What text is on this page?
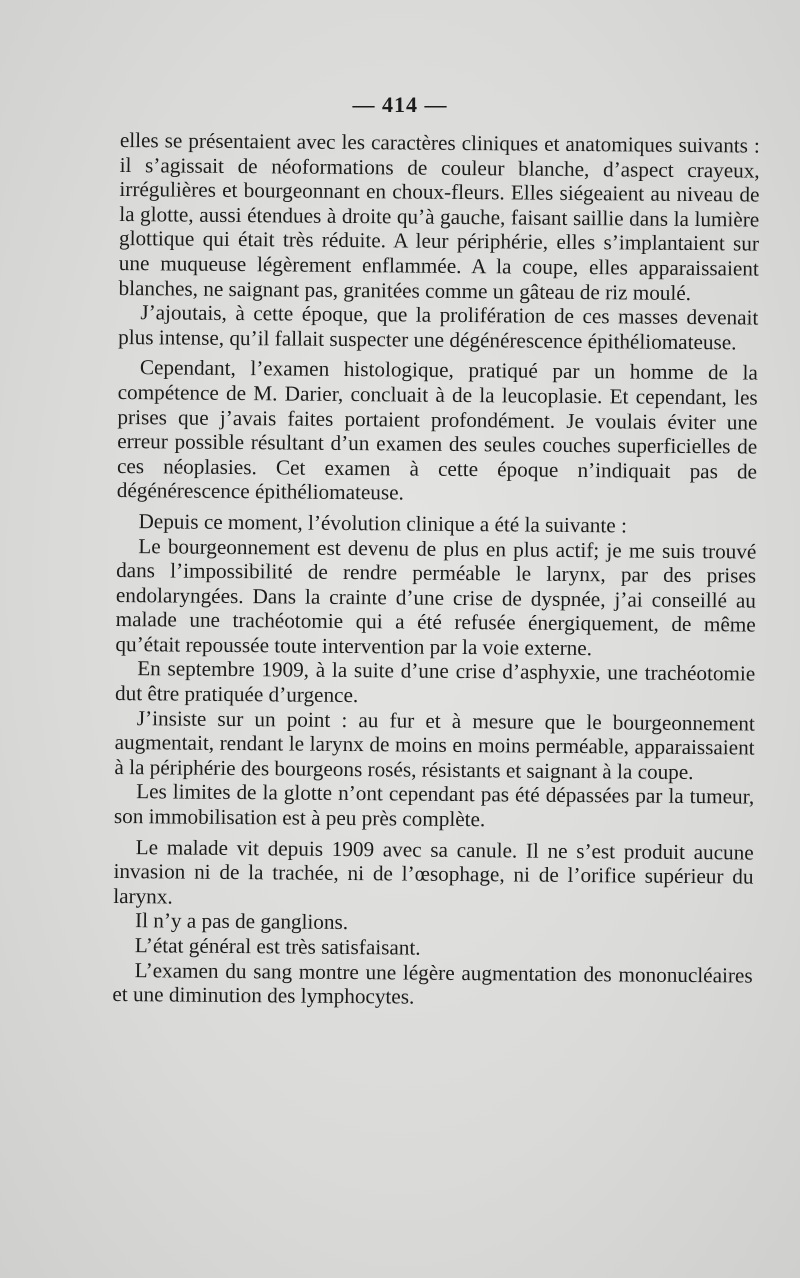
— 414 —

elles se présentaient avec les caractères cliniques et anatomiques suivants : il s’agissait de néoformations de couleur blanche, d’aspect crayeux, irrégulières et bourgeonnant en choux-fleurs. Elles siégeaient au niveau de la glotte, aussi étendues à droite qu’à gauche, faisant saillie dans la lumière glottique qui était très réduite. A leur périphérie, elles s’implantaient sur une muqueuse légèrement enflammée. A la coupe, elles apparaissaient blanches, ne saignant pas, granitées comme un gâteau de riz moulé.

J’ajoutais, à cette époque, que la prolifération de ces masses devenait plus intense, qu’il fallait suspecter une dégénérescence épithéliomateuse.

Cependant, l’examen histologique, pratiqué par un homme de la compétence de M. Darier, concluait à de la leucoplasie. Et cependant, les prises que j’avais faites portaient profondément. Je voulais éviter une erreur possible résultant d’un examen des seules couches superficielles de ces néoplasies. Cet examen à cette époque n’indiquait pas de dégénérescence épithéliomateuse.

Depuis ce moment, l’évolution clinique a été la suivante :

Le bourgeonnement est devenu de plus en plus actif; je me suis trouvé dans l’impossibilité de rendre perméable le larynx, par des prises endolaryngées. Dans la crainte d’une crise de dyspnée, j’ai conseillé au malade une trachéotomie qui a été refusée énergiquement, de même qu’était repoussée toute intervention par la voie externe.

En septembre 1909, à la suite d’une crise d’asphyxie, une trachéotomie dut être pratiquée d’urgence.

J’insiste sur un point : au fur et à mesure que le bourgeonnement augmentait, rendant le larynx de moins en moins perméable, apparaissaient à la périphérie des bourgeons rosés, résistants et saignant à la coupe.

Les limites de la glotte n’ont cependant pas été dépassées par la tumeur, son immobilisation est à peu près complète.

Le malade vit depuis 1909 avec sa canule. Il ne s’est produit aucune invasion ni de la trachée, ni de l’œsophage, ni de l’orifice supérieur du larynx.

Il n’y a pas de ganglions.

L’état général est très satisfaisant.

L’examen du sang montre une légère augmentation des mononucléaires et une diminution des lymphocytes.
